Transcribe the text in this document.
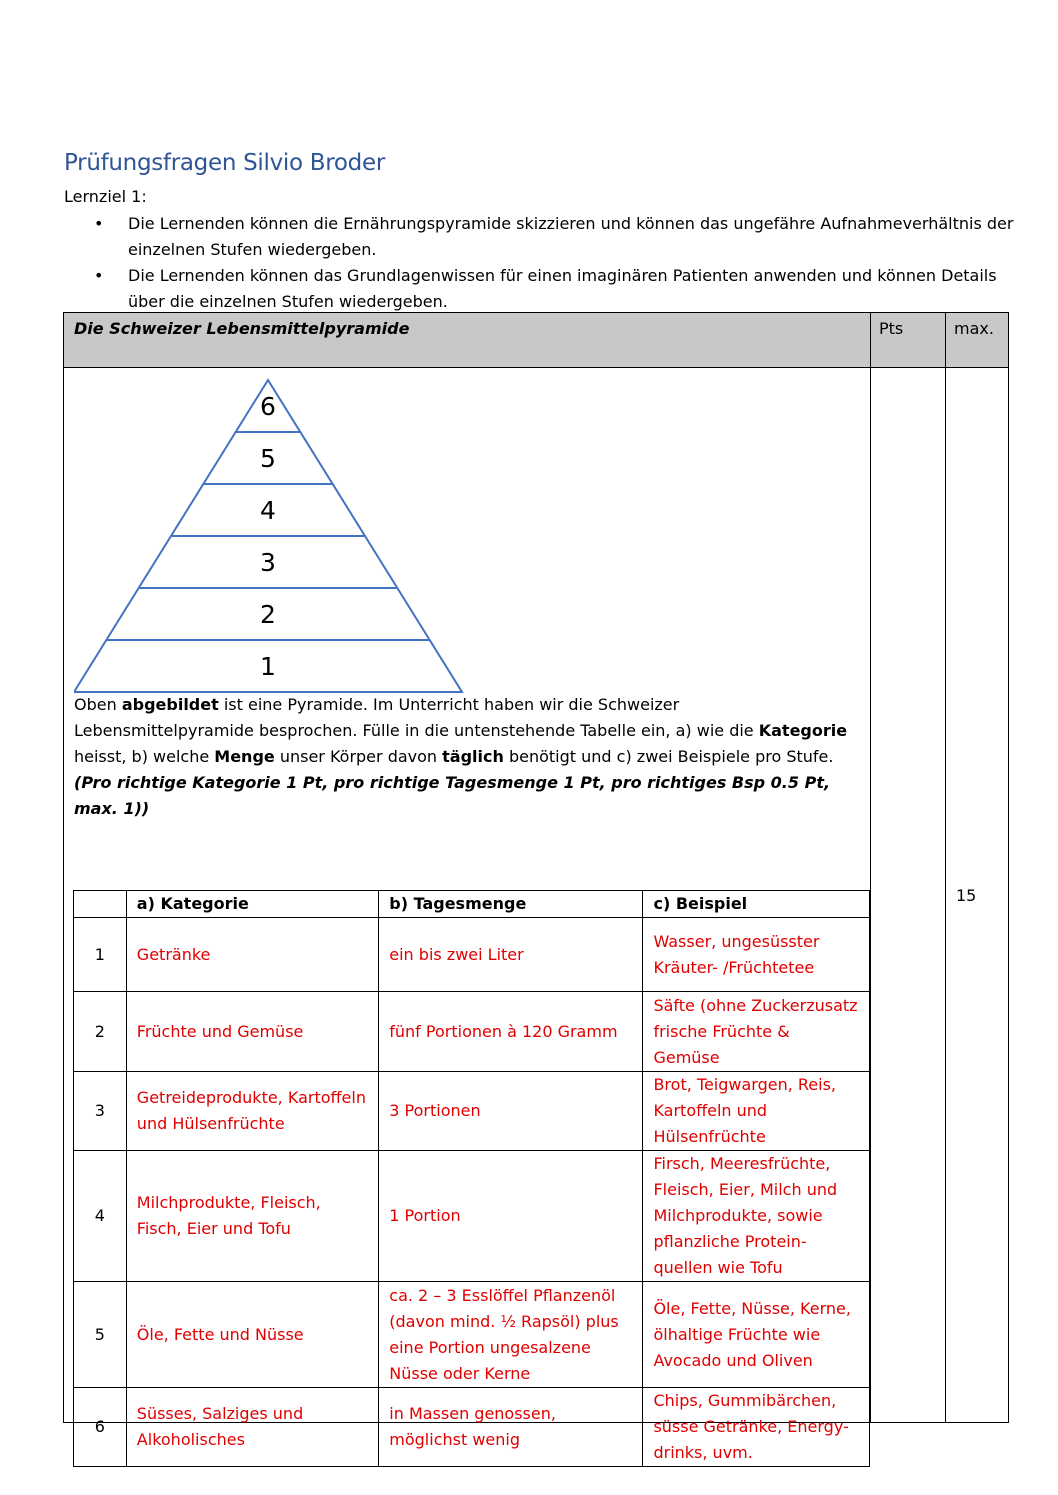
Prüfungsfragen Silvio Broder
Lernziel 1:
• Die Lernenden können die Ernährungspyramide skizzieren und können das ungefähre Aufnahmeverhältnis der einzelnen Stufen wiedergeben.
• Die Lernenden können das Grundlagenwissen für einen imaginären Patienten anwenden und können Details über die einzelnen Stufen wiedergeben.
Die Schweizer Lebensmittelpyramide	Pts	max.

6
5
4
3
2
1
Oben abgebildet ist eine Pyramide. Im Unterricht haben wir die Schweizer Lebensmittelpyramide besprochen. Fülle in die untenstehende Tabelle ein, a) wie die Kategorie heisst, b) welche Menge unser Körper davon täglich benötigt und c) zwei Beispiele pro Stufe.
(Pro richtige Kategorie 1 Pt, pro richtige Tagesmenge 1 Pt, pro richtiges Bsp 0.5 Pt, max. 1))
	a) Kategorie	b) Tagesmenge	c) Beispiel
1	Getränke	ein bis zwei Liter	Wasser, ungesüsster Kräuter- /Früchtetee
2	Früchte und Gemüse	fünf Portionen à 120 Gramm	Säfte (ohne Zuckerzusatz frische Früchte & Gemüse
3	Getreideprodukte, Kartoffeln und Hülsenfrüchte	3 Portionen	Brot, Teigwargen, Reis, Kartoffeln und Hülsenfrüchte
4	Milchprodukte, Fleisch, Fisch, Eier und Tofu	1 Portion	Firsch, Meeresfrüchte, Fleisch, Eier, Milch und Milchprodukte, sowie pflanzliche Protein-quellen wie Tofu
5	Öle, Fette und Nüsse	ca. 2 – 3 Esslöffel Pflanzenöl (davon mind. ½ Rapsöl) plus eine Portion ungesalzene Nüsse oder Kerne	Öle, Fette, Nüsse, Kerne, ölhaltige Früchte wie Avocado und Oliven
6	Süsses, Salziges und Alkoholisches	in Massen genossen, möglichst wenig	Chips, Gummibärchen, süsse Getränke, Energy-drinks, uvm.
		15
